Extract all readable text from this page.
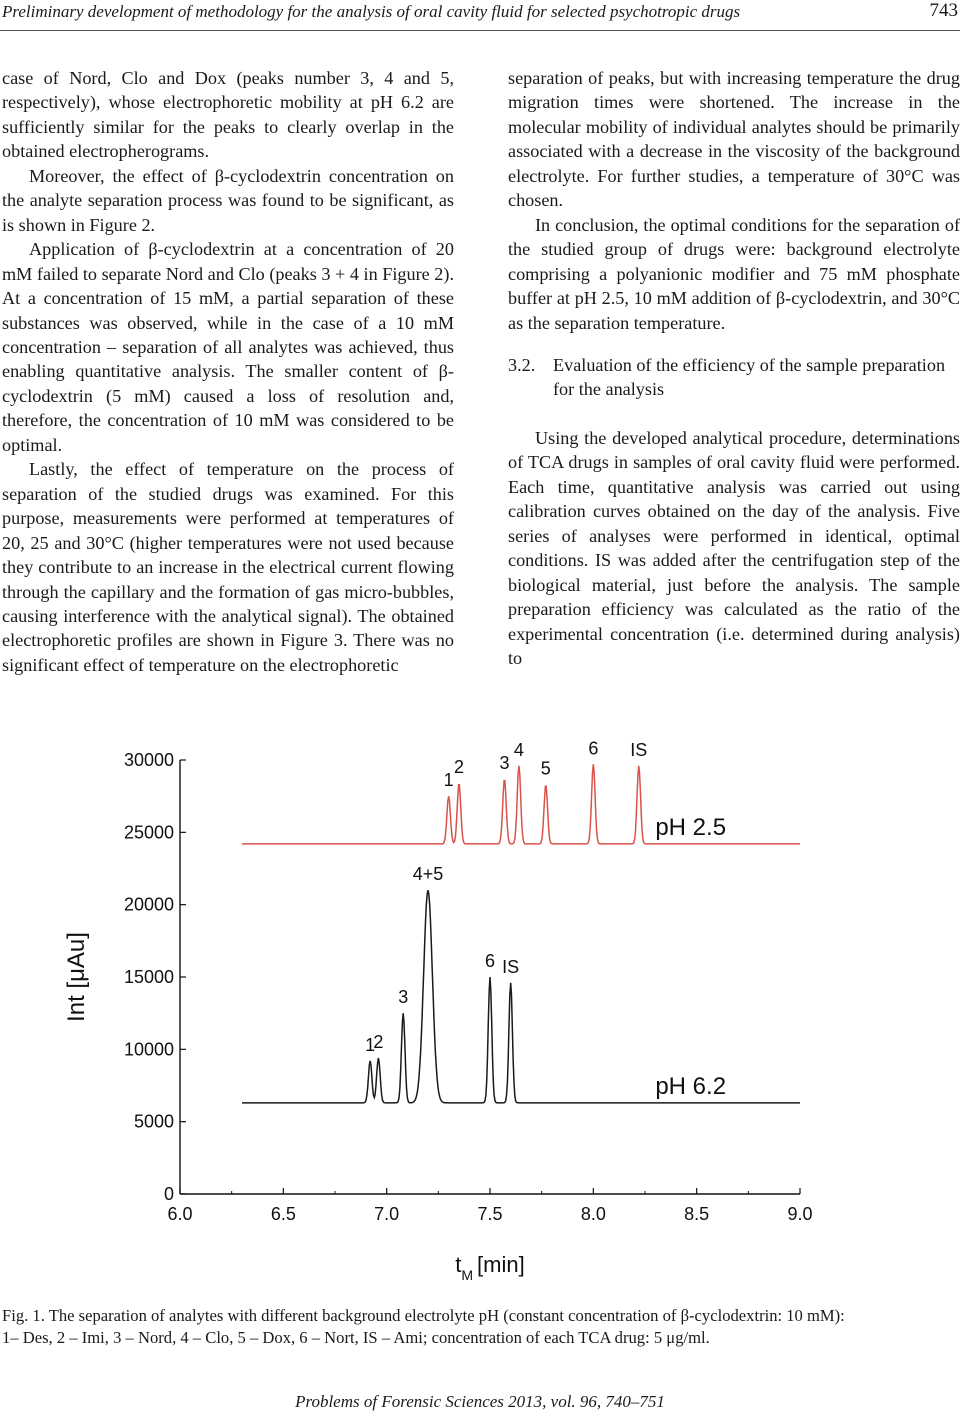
Preliminary development of methodology for the analysis of oral cavity fluid for selected psychotropic drugs	743

case of Nord, Clo and Dox (peaks number 3, 4 and 5, respectively), whose electrophoretic mobility at pH 6.2 are sufficiently similar for the peaks to clearly overlap in the obtained electropherograms.

Moreover, the effect of β-cyclodextrin concentration on the analyte separation process was found to be significant, as is shown in Figure 2.

Application of β-cyclodextrin at a concentration of 20 mM failed to separate Nord and Clo (peaks 3 + 4 in Figure 2). At a concentration of 15 mM, a partial separation of these substances was observed, while in the case of a 10 mM concentration – separation of all analytes was achieved, thus enabling quantitative analysis. The smaller content of β-cyclodextrin (5 mM) caused a loss of resolution and, therefore, the concentration of 10 mM was considered to be optimal.

Lastly, the effect of temperature on the process of separation of the studied drugs was examined. For this purpose, measurements were performed at temperatures of 20, 25 and 30°C (higher temperatures were not used because they contribute to an increase in the electrical current flowing through the capillary and the formation of gas micro-bubbles, causing interference with the analytical signal). The obtained electrophoretic profiles are shown in Figure 3. There was no significant effect of temperature on the electrophoretic

separation of peaks, but with increasing temperature the drug migration times were shortened. The increase in the molecular mobility of individual analytes should be primarily associated with a decrease in the viscosity of the background electrolyte. For further studies, a temperature of 30°C was chosen.

In conclusion, the optimal conditions for the separation of the studied group of drugs were: background electrolyte comprising a polyanionic modifier and 75 mM phosphate buffer at pH 2.5, 10 mM addition of β-cyclodextrin, and 30°C as the separation temperature.

3.2. Evaluation of the efficiency of the sample preparation for the analysis

Using the developed analytical procedure, determinations of TCA drugs in samples of oral cavity fluid were performed. Each time, quantitative analysis was carried out using calibration curves obtained on the day of the analysis. Five series of analyses were performed in identical, optimal conditions. IS was added after the centrifugation step of the biological material, just before the analysis. The sample preparation efficiency was calculated as the ratio of the experimental concentration (i.e. determined during analysis) to

6.0	6.5	7.0	7.5	8.0	8.5	9.0
0
5000
10000
15000
20000
25000
30000
$t_M$ [min]
Int [μAu]
1
2 3
4
5
6 IS
1
2
3
4+5
6 IS
pH 2.5
pH 6.2

Fig. 1. The separation of analytes with different background electrolyte pH (constant concentration of β-cyclodextrin: 10 mM):

1– Des, 2 – Imi, 3 – Nord, 4 – Clo, 5 – Dox, 6 – Nort, IS – Ami; concentration of each TCA drug: 5 μg/ml.

Problems of Forensic Sciences 2013, vol. 96, 740–751
